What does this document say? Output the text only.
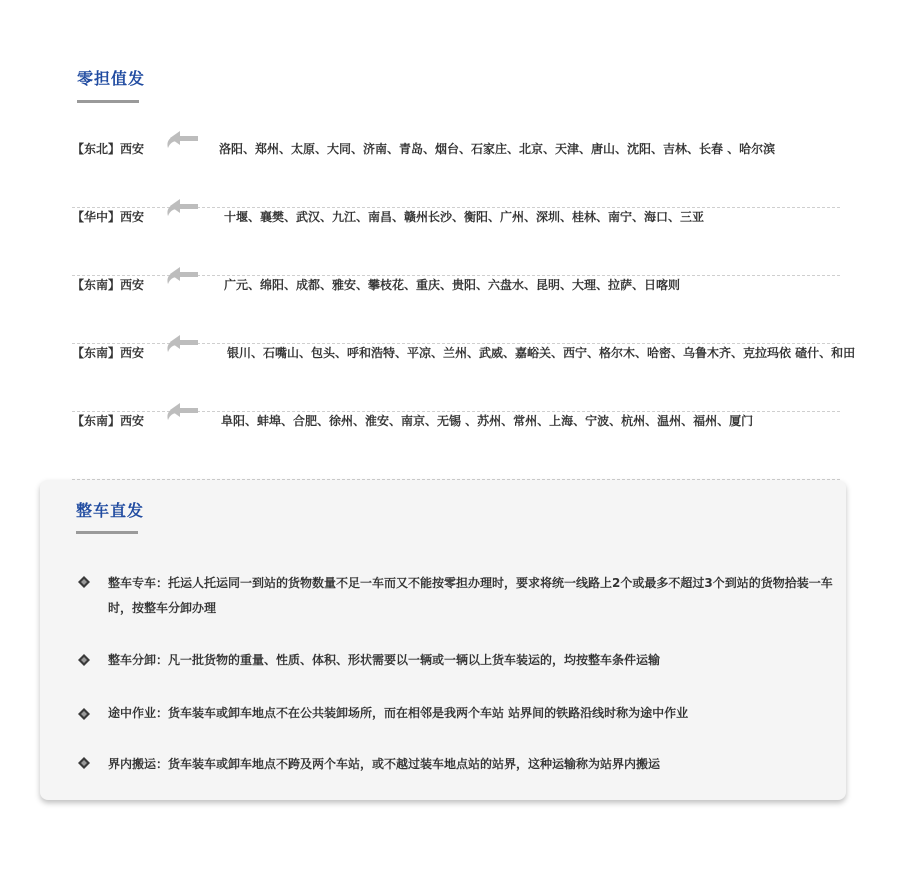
零担值发
【东北】西安	洛阳、郑州、太原、大同、济南、青岛、烟台、石家庄、北京、天津、唐山、沈阳、吉林、长春 、哈尔滨
【华中】西安	十堰、襄樊、武汉、九江、南昌、赣州长沙、衡阳、广州、深圳、桂林、南宁、海口、三亚
【东南】西安	广元、绵阳、成都、雅安、攀枝花、重庆、贵阳、六盘水、昆明、大理、拉萨、日喀则
【东南】西安	银川、石嘴山、包头、呼和浩特、平凉、兰州、武威、嘉峪关、西宁、格尔木、哈密、乌鲁木齐、克拉玛依 碴什、和田
【东南】西安	阜阳、蚌埠、合肥、徐州、淮安、南京、无锡 、苏州、常州、上海、宁波、杭州、温州、福州、厦门
整车直发
整车专车：托运人托运同一到站的货物数量不足一车而又不能按零担办理时，要求将统一线路上2个或最多不超过3个到站的货物拾装一车时，按整车分卸办理
整车分卸：凡一批货物的重量、性质、体积、形状需要以一辆或一辆以上货车装运的，均按整车条件运输
途中作业：货车装车或卸车地点不在公共装卸场所，而在相邻是我两个车站 站界间的铁路沿线时称为途中作业
界内搬运：货车装车或卸车地点不跨及两个车站，或不越过装车地点站的站界，这种运输称为站界内搬运
